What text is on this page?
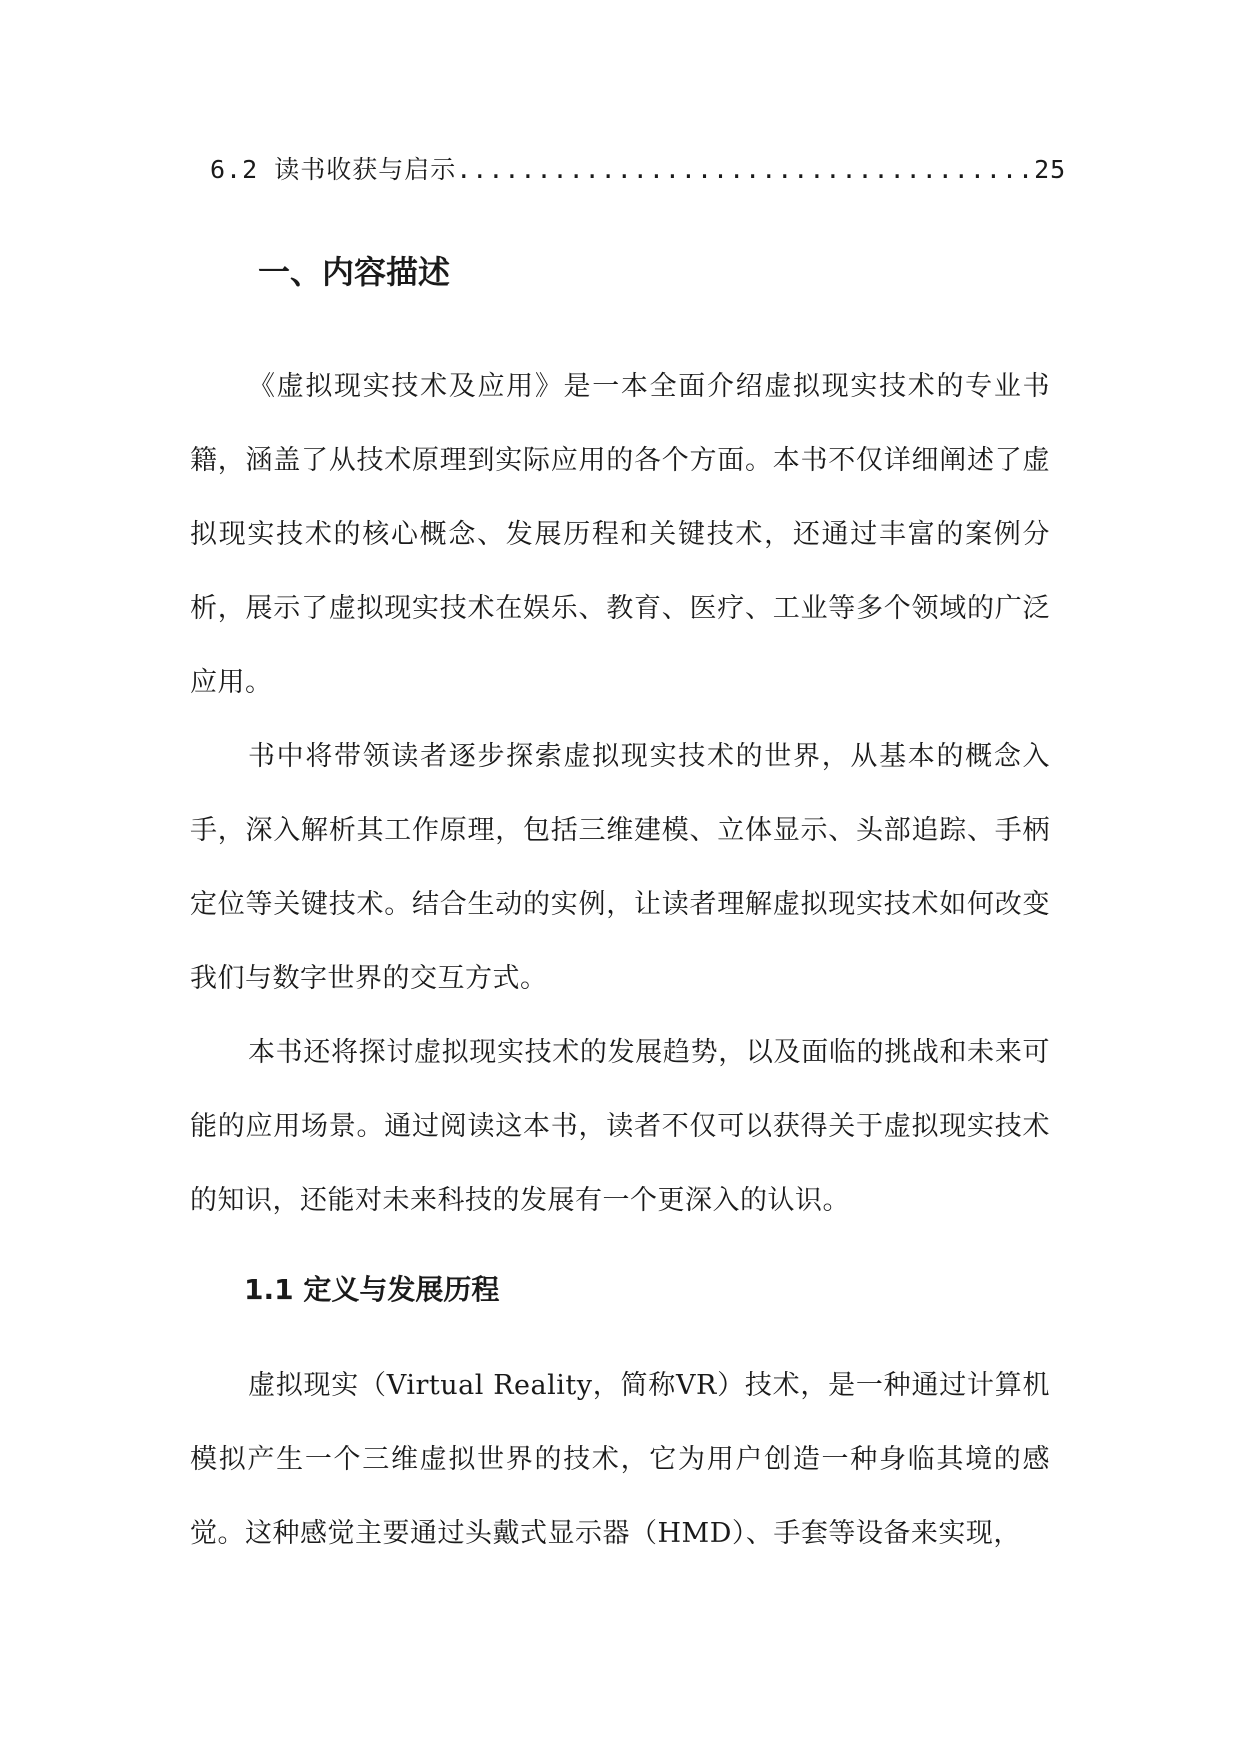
6.2 读书收获与启示....................................25
一、内容描述

《虚拟现实技术及应用》是一本全面介绍虚拟现实技术的专业书籍，涵盖了从技术原理到实际应用的各个方面。本书不仅详细阐述了虚拟现实技术的核心概念、发展历程和关键技术，还通过丰富的案例分析，展示了虚拟现实技术在娱乐、教育、医疗、工业等多个领域的广泛应用。

书中将带领读者逐步探索虚拟现实技术的世界，从基本的概念入手，深入解析其工作原理，包括三维建模、立体显示、头部追踪、手柄定位等关键技术。结合生动的实例，让读者理解虚拟现实技术如何改变我们与数字世界的交互方式。

本书还将探讨虚拟现实技术的发展趋势，以及面临的挑战和未来可能的应用场景。通过阅读这本书，读者不仅可以获得关于虚拟现实技术的知识，还能对未来科技的发展有一个更深入的认识。

1.1 定义与发展历程

虚拟现实（Virtual Reality，简称VR）技术，是一种通过计算机模拟产生一个三维虚拟世界的技术，它为用户创造一种身临其境的感觉。这种感觉主要通过头戴式显示器（HMD）、手套等设备来实现，
